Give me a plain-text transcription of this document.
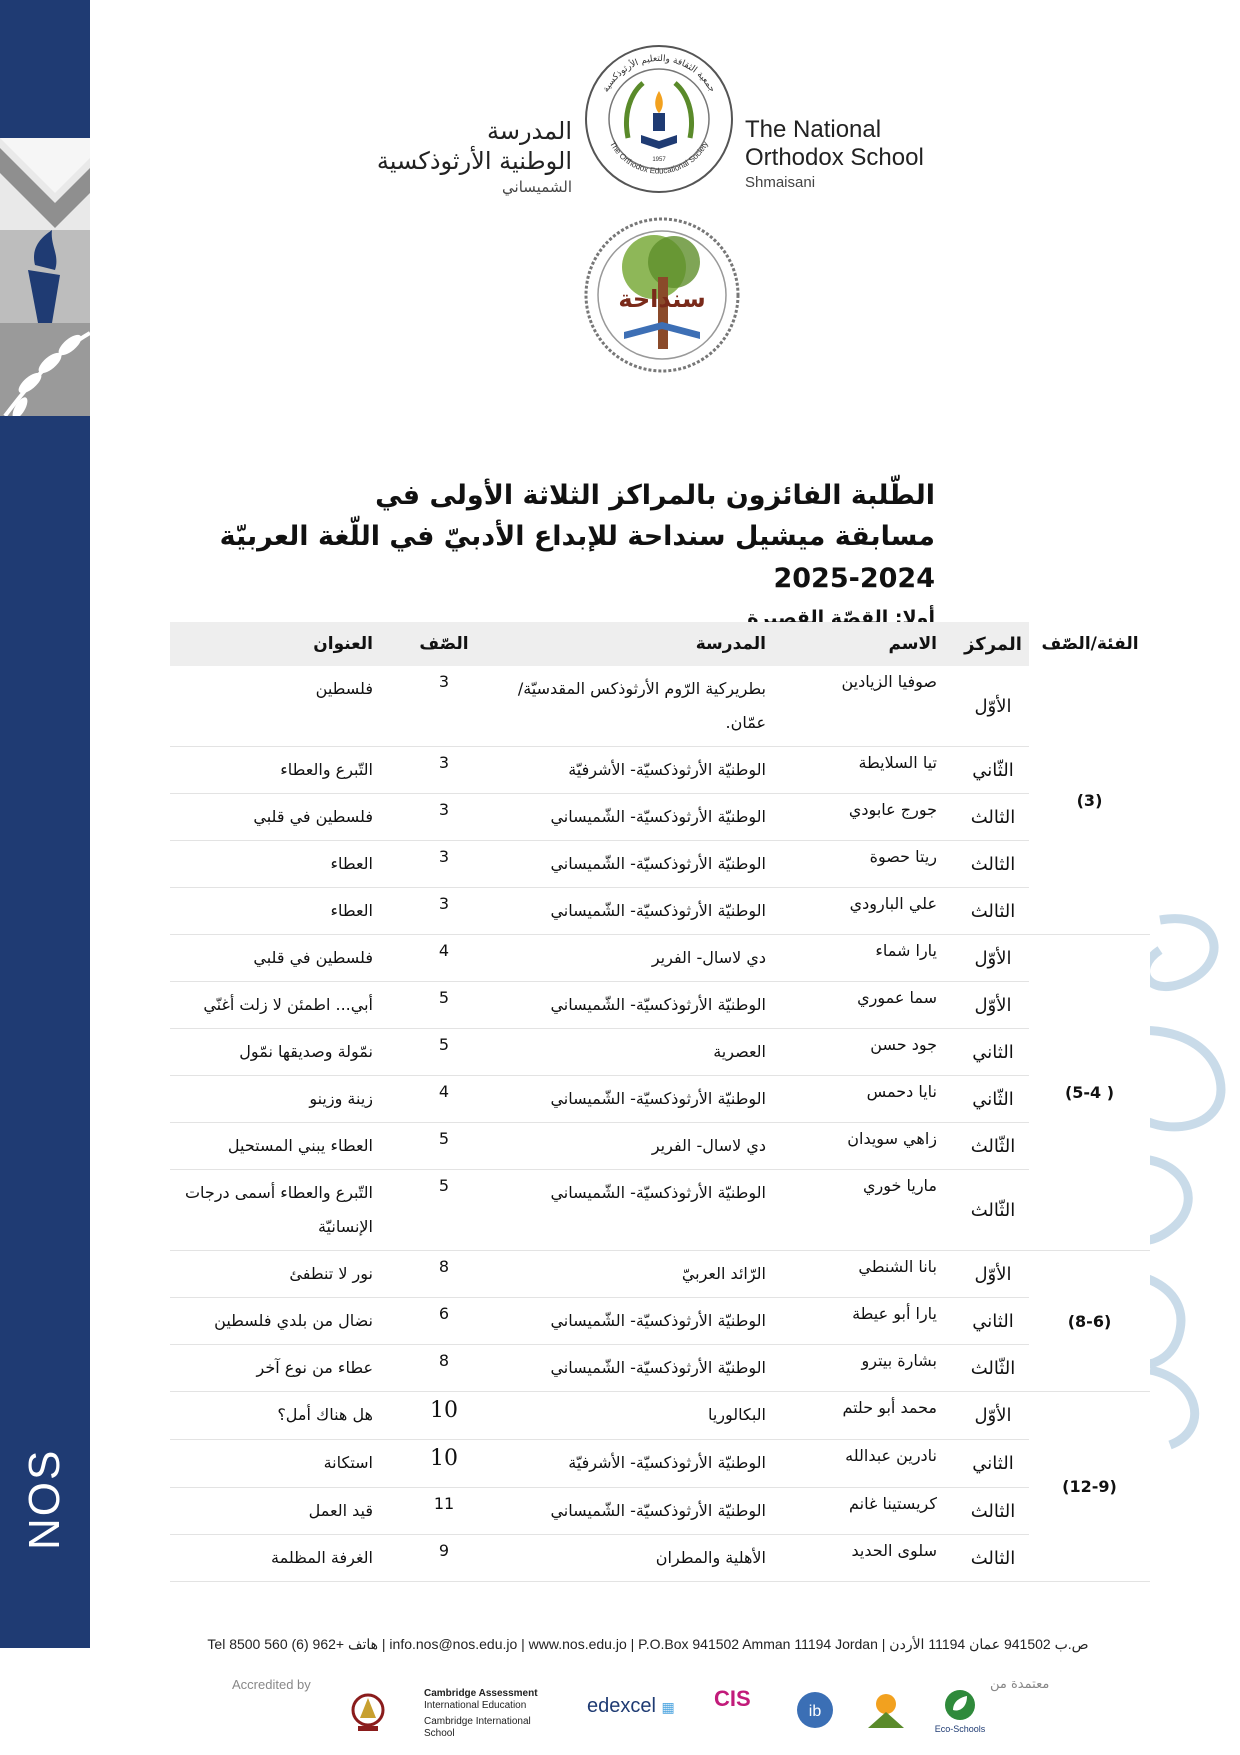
NOS
المدرسة
الوطنية الأرثوذكسية
الشميساني
جمعية الثقافة والتعليم الأرثوذكسية
The Orthodox Educational Society
1957
The National
Orthodox School
Shmaisani
سنداحة
الطّلبة الفائزون بالمراكز الثلاثة الأولى في
مسابقة ميشيل سنداحة للإبداع الأدبيّ في اللّغة العربيّة 2024-2025
أولا: القصّة القصيرة
الفئة/الصّف	المركز	الاسم	المدرسة	الصّف	العنوان
(3)	الأوّل	صوفيا الزيادين	بطريركية الرّوم الأرثوذكس المقدسيّة/ عمّان.	3	فلسطين
	الثّاني	تيا السلايطة	الوطنيّة الأرثوذكسيّة- الأشرفيّة	3	التّبرع والعطاء
	الثالث	جورج عابودي	الوطنيّة الأرثوذكسيّة- الشّميساني	3	فلسطين في قلبي
	الثالث	ريتا حصوة	الوطنيّة الأرثوذكسيّة- الشّميساني	3	العطاء
	الثالث	علي البارودي	الوطنيّة الأرثوذكسيّة- الشّميساني	3	العطاء
( 5-4)	الأوّل	يارا شماء	دي لاسال- الفرير	4	فلسطين في قلبي
	الأوّل	سما عموري	الوطنيّة الأرثوذكسيّة- الشّميساني	5	أبي... اطمئن لا زلت أغنّي
	الثاني	جود حسن	العصرية	5	نمّولة وصديقها نمّول
	الثّاني	نايا دحمس	الوطنيّة الأرثوذكسيّة- الشّميساني	4	زينة وزينو
	الثّالث	زاهي سويدان	دي لاسال- الفرير	5	العطاء يبني المستحيل
	الثّالث	ماريا خوري	الوطنيّة الأرثوذكسيّة- الشّميساني	5	التّبرع والعطاء أسمى درجات الإنسانيّة
(8-6)	الأوّل	بانا الشنطي	الرّائد العربيّ	8	نور لا تنطفئ
	الثاني	يارا أبو عيطة	الوطنيّة الأرثوذكسيّة- الشّميساني	6	نضال من بلدي فلسطين
	الثّالث	بشارة بيترو	الوطنيّة الأرثوذكسيّة- الشّميساني	8	عطاء من نوع آخر
(12-9)	الأوّل	محمد أبو حلتم	البكالوريا	10	هل هناك أمل؟
	الثاني	نادرين عبدالله	الوطنيّة الأرثوذكسيّة- الأشرفيّة	10	استكانة
	الثالث	كريستينا غانم	الوطنيّة الأرثوذكسيّة- الشّميساني	11	قيد العمل
	الثالث	سلوى الحديد	الأهلية والمطران	9	الغرفة المظلمة
Tel هاتف +962 (6) 560 8500 | info.nos@nos.edu.jo | www.nos.edu.jo | P.O.Box 941502 Amman 11194 Jordan | ص.ب 941502 عمان 11194 الأردن
Accredited by	معتمدة من
Cambridge Assessment
International Education
Cambridge International School
edexcel ▦ CIS
ib
Eco-Schools
